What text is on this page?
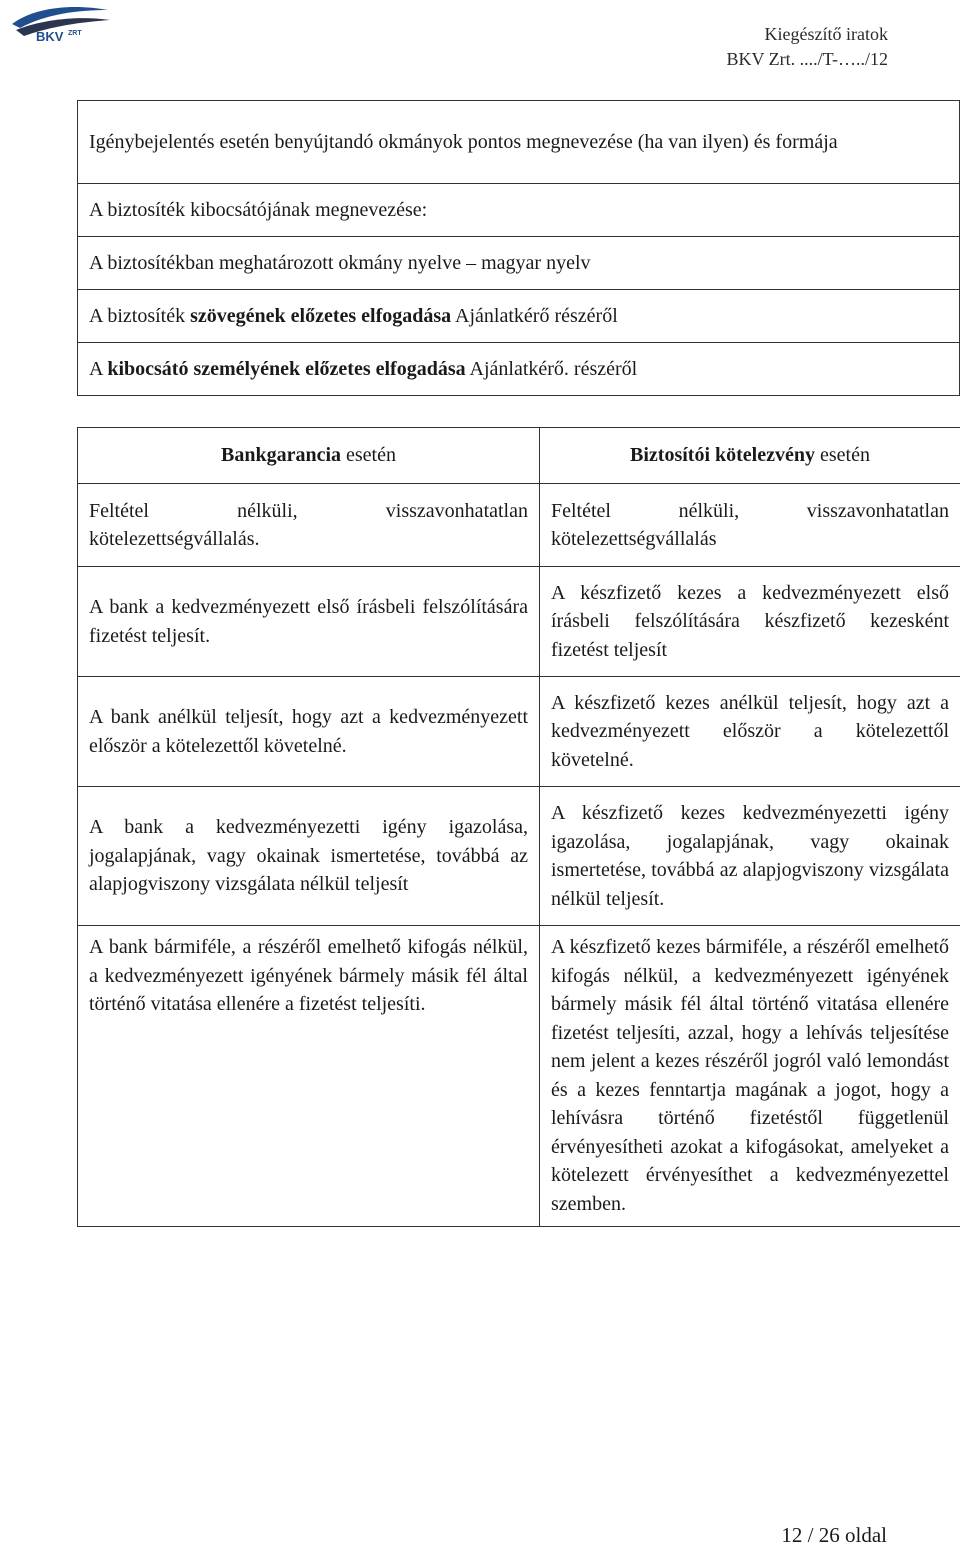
BKV ZRT	Kiegészítő iratok
BKV Zrt. ..../T-…../12
Igénybejelentés esetén benyújtandó okmányok pontos megnevezése (ha van ilyen) és formája
A biztosíték kibocsátójának megnevezése:
A biztosítékban meghatározott okmány nyelve – magyar nyelv
A biztosíték szövegének előzetes elfogadása Ajánlatkérő részéről
A kibocsátó személyének előzetes elfogadása Ajánlatkérő. részéről
Bankgarancia esetén	Biztosítói kötelezvény esetén
Feltétel nélküli, visszavonhatatlan kötelezettségvállalás.	Feltétel nélküli, visszavonhatatlan kötelezettségvállalás
A bank a kedvezményezett első írásbeli felszólítására fizetést teljesít.	A készfizető kezes a kedvezményezett első írásbeli felszólítására készfizető kezesként fizetést teljesít
A bank anélkül teljesít, hogy azt a kedvezményezett először a kötelezettől követelné.	A készfizető kezes anélkül teljesít, hogy azt a kedvezményezett először a kötelezettől követelné.
A bank a kedvezményezetti igény igazolása, jogalapjának, vagy okainak ismertetése, továbbá az alapjogviszony vizsgálata nélkül teljesít	A készfizető kezes kedvezményezetti igény igazolása, jogalapjának, vagy okainak ismertetése, továbbá az alapjogviszony vizsgálata nélkül teljesít.
A bank bármiféle, a részéről emelhető kifogás nélkül, a kedvezményezett igényének bármely másik fél által történő vitatása ellenére a fizetést teljesíti.	A készfizető kezes bármiféle, a részéről emelhető kifogás nélkül, a kedvezményezett igényének bármely másik fél által történő vitatása ellenére fizetést teljesíti, azzal, hogy a lehívás teljesítése nem jelent a kezes részéről jogról való lemondást és a kezes fenntartja magának a jogot, hogy a lehívásra történő fizetéstől függetlenül érvényesítheti azokat a kifogásokat, amelyeket a kötelezett érvényesíthet a kedvezményezettel szemben.
12 / 26 oldal
